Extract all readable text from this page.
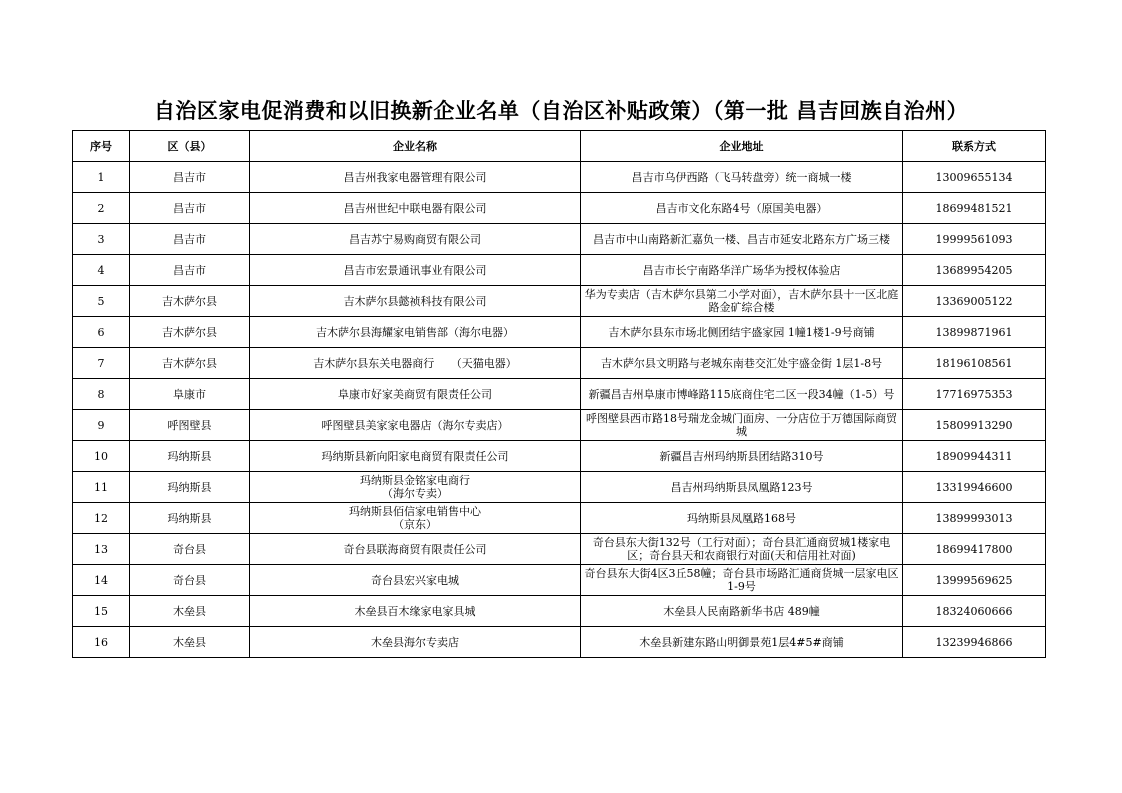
自治区家电促消费和以旧换新企业名单（自治区补贴政策）（第一批 昌吉回族自治州）
序号	区（县）	企业名称	企业地址	联系方式
1	昌吉市	昌吉州我家电器管理有限公司	昌吉市乌伊西路（飞马转盘旁）统一商城一楼	13009655134
2	昌吉市	昌吉州世纪中联电器有限公司	昌吉市文化东路4号（原国美电器）	18699481521
3	昌吉市	昌吉苏宁易购商贸有限公司	昌吉市中山南路新汇嘉负一楼、昌吉市延安北路东方广场三楼	19999561093
4	昌吉市	昌吉市宏景通讯事业有限公司	昌吉市长宁南路华洋广场华为授权体验店	13689954205
5	吉木萨尔县	吉木萨尔县懿祯科技有限公司	华为专卖店（吉木萨尔县第二小学对面），吉木萨尔县十一区北庭路金矿综合楼	13369005122
6	吉木萨尔县	吉木萨尔县海耀家电销售部（海尔电器）	吉木萨尔县东市场北侧团结宇盛家园 1幢1楼1-9号商铺	13899871961
7	吉木萨尔县	吉木萨尔县东关电器商行　　（天猫电器）	吉木萨尔县文明路与老城东南巷交汇处宇盛金街 1层1-8号	18196108561
8	阜康市	阜康市好家美商贸有限责任公司	新疆昌吉州阜康市博峰路115底商住宅二区一段34幢（1-5）号	17716975353
9	呼图壁县	呼图壁县美家家电器店（海尔专卖店）	呼图壁县西市路18号瑞龙金城门面房、一分店位于万德国际商贸城	15809913290
10	玛纳斯县	玛纳斯县新向阳家电商贸有限责任公司	新疆昌吉州玛纳斯县团结路310号	18909944311
11	玛纳斯县	玛纳斯县金铭家电商行
（海尔专卖）	昌吉州玛纳斯县凤凰路123号	13319946600
12	玛纳斯县	玛纳斯县佰信家电销售中心
（京东）	玛纳斯县凤凰路168号	13899993013
13	奇台县	奇台县联海商贸有限责任公司	奇台县东大街132号（工行对面）；奇台县汇通商贸城1楼家电区；奇台县天和农商银行对面(天和信用社对面)	18699417800
14	奇台县	奇台县宏兴家电城	奇台县东大街4区3丘58幢；奇台县市场路汇通商货城一层家电区1-9号	13999569625
15	木垒县	木垒县百木缘家电家具城	木垒县人民南路新华书店 489幢	18324060666
16	木垒县	木垒县海尔专卖店	木垒县新建东路山明御景苑1层4#5#商铺	13239946866
